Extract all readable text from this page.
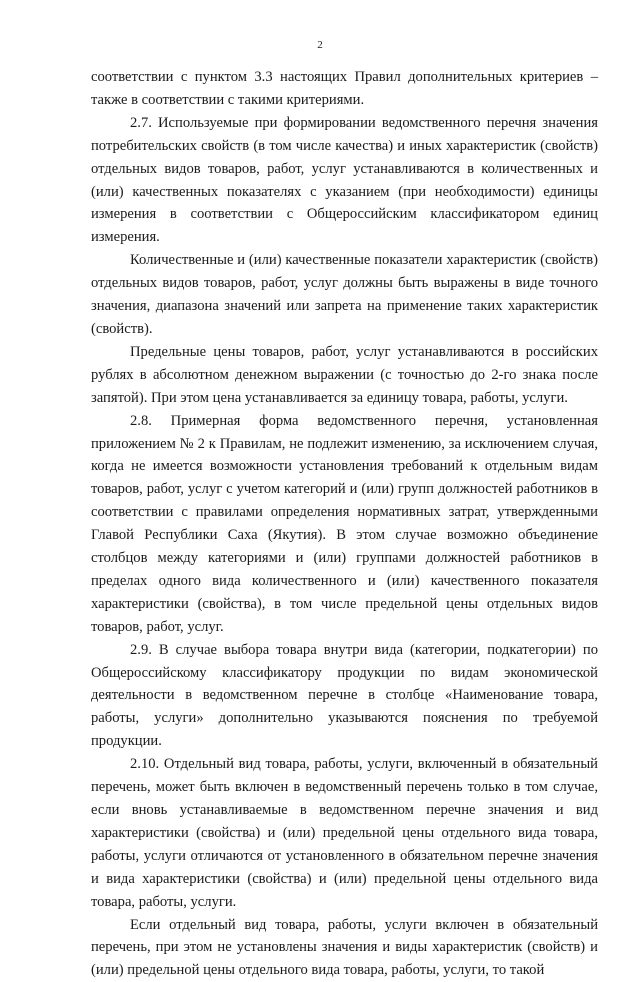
2

соответствии с пунктом 3.3 настоящих Правил дополнительных критериев – также в соответствии с такими критериями.

2.7. Используемые при формировании ведомственного перечня значения потребительских свойств (в том числе качества) и иных характеристик (свойств) отдельных видов товаров, работ, услуг устанавливаются в количественных и (или) качественных показателях с указанием (при необходимости) единицы измерения в соответствии с Общероссийским классификатором единиц измерения.

Количественные и (или) качественные показатели характеристик (свойств) отдельных видов товаров, работ, услуг должны быть выражены в виде точного значения, диапазона значений или запрета на применение таких характеристик (свойств).

Предельные цены товаров, работ, услуг устанавливаются в российских рублях в абсолютном денежном выражении (с точностью до 2-го знака после запятой). При этом цена устанавливается за единицу товара, работы, услуги.

2.8. Примерная форма ведомственного перечня, установленная приложением № 2 к Правилам, не подлежит изменению, за исключением случая, когда не имеется возможности установления требований к отдельным видам товаров, работ, услуг с учетом категорий и (или) групп должностей работников в соответствии с правилами определения нормативных затрат, утвержденными Главой Республики Саха (Якутия). В этом случае возможно объединение столбцов между категориями и (или) группами должностей работников в пределах одного вида количественного и (или) качественного показателя характеристики (свойства), в том числе предельной цены отдельных видов товаров, работ, услуг.

2.9. В случае выбора товара внутри вида (категории, подкатегории) по Общероссийскому классификатору продукции по видам экономической деятельности в ведомственном перечне в столбце «Наименование товара, работы, услуги» дополнительно указываются пояснения по требуемой продукции.

2.10. Отдельный вид товара, работы, услуги, включенный в обязательный перечень, может быть включен в ведомственный перечень только в том случае, если вновь устанавливаемые в ведомственном перечне значения и вид характеристики (свойства) и (или) предельной цены отдельного вида товара, работы, услуги отличаются от установленного в обязательном перечне значения и вида характеристики (свойства) и (или) предельной цены отдельного вида товара, работы, услуги.

Если отдельный вид товара, работы, услуги включен в обязательный перечень, при этом не установлены значения и виды характеристик (свойств) и (или) предельной цены отдельного вида товара, работы, услуги, то такой
